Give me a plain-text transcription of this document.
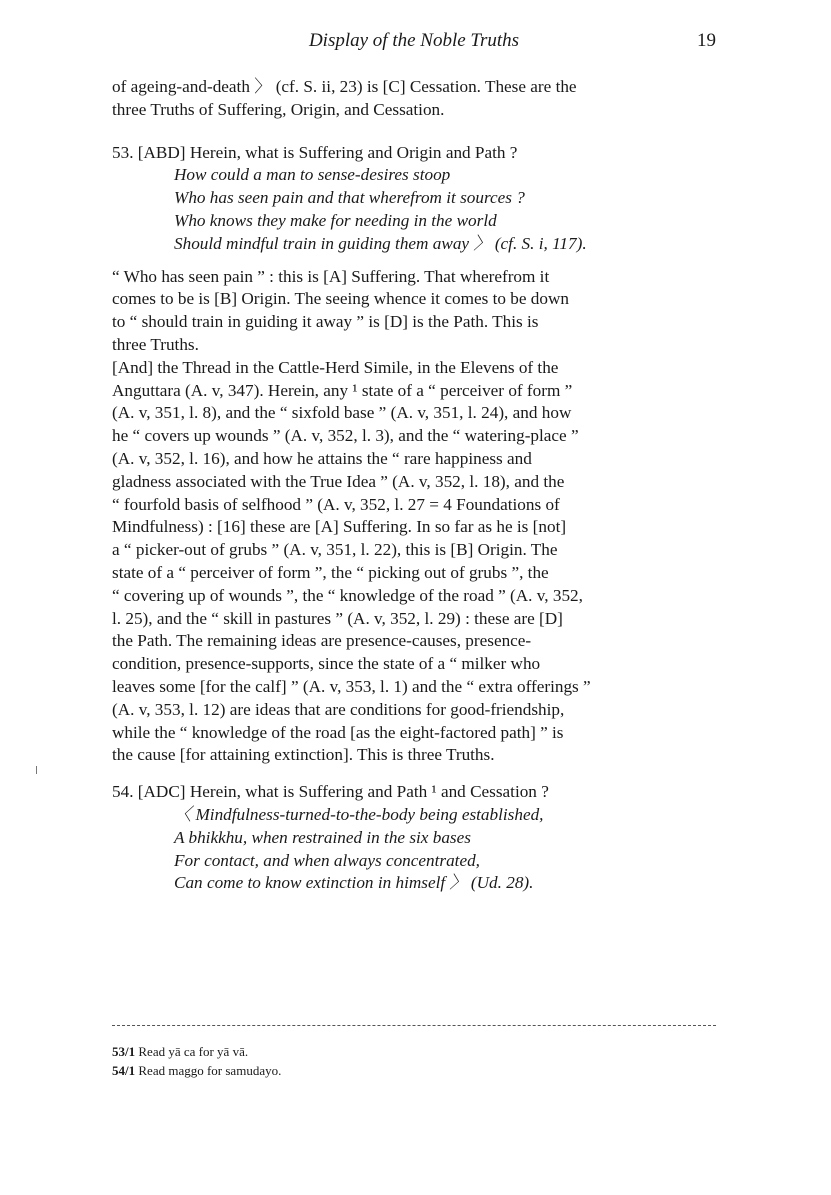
Display of the Noble Truths	19

of ageing-and-death 〉 (cf. S. ii, 23) is [C] Cessation. These are the

three Truths of Suffering, Origin, and Cessation.

53. [ABD] Herein, what is Suffering and Origin and Path ?

How could a man to sense-desires stoop
Who has seen pain and that wherefrom it sources ?
Who knows they make for needing in the world
Should mindful train in guiding them away 〉 (cf. S. i, 117).

“ Who has seen pain ” : this is [A] Suffering. That wherefrom it

comes to be is [B] Origin. The seeing whence it comes to be down

to “ should train in guiding it away ” is [D] is the Path. This is

three Truths.

[And] the Thread in the Cattle-Herd Simile, in the Elevens of the

Anguttara (A. v, 347). Herein, any ¹ state of a “ perceiver of form ”

(A. v, 351, l. 8), and the “ sixfold base ” (A. v, 351, l. 24), and how

he “ covers up wounds ” (A. v, 352, l. 3), and the “ watering-place ”

(A. v, 352, l. 16), and how he attains the “ rare happiness and

gladness associated with the True Idea ” (A. v, 352, l. 18), and the

“ fourfold basis of selfhood ” (A. v, 352, l. 27 = 4 Foundations of

Mindfulness) : [16] these are [A] Suffering. In so far as he is [not]

a “ picker-out of grubs ” (A. v, 351, l. 22), this is [B] Origin. The

state of a “ perceiver of form ”, the “ picking out of grubs ”, the

“ covering up of wounds ”, the “ knowledge of the road ” (A. v, 352,

l. 25), and the “ skill in pastures ” (A. v, 352, l. 29) : these are [D]

the Path. The remaining ideas are presence-causes, presence-

condition, presence-supports, since the state of a “ milker who

leaves some [for the calf] ” (A. v, 353, l. 1) and the “ extra offerings ”

(A. v, 353, l. 12) are ideas that are conditions for good-friendship,

while the “ knowledge of the road [as the eight-factored path] ” is

the cause [for attaining extinction]. This is three Truths.

54. [ADC] Herein, what is Suffering and Path ¹ and Cessation ?

〈 Mindfulness-turned-to-the-body being established,
A bhikkhu, when restrained in the six bases
For contact, and when always concentrated,
Can come to know extinction in himself 〉 (Ud. 28).
53/1 Read yā ca for yā vā.
54/1 Read maggo for samudayo.
